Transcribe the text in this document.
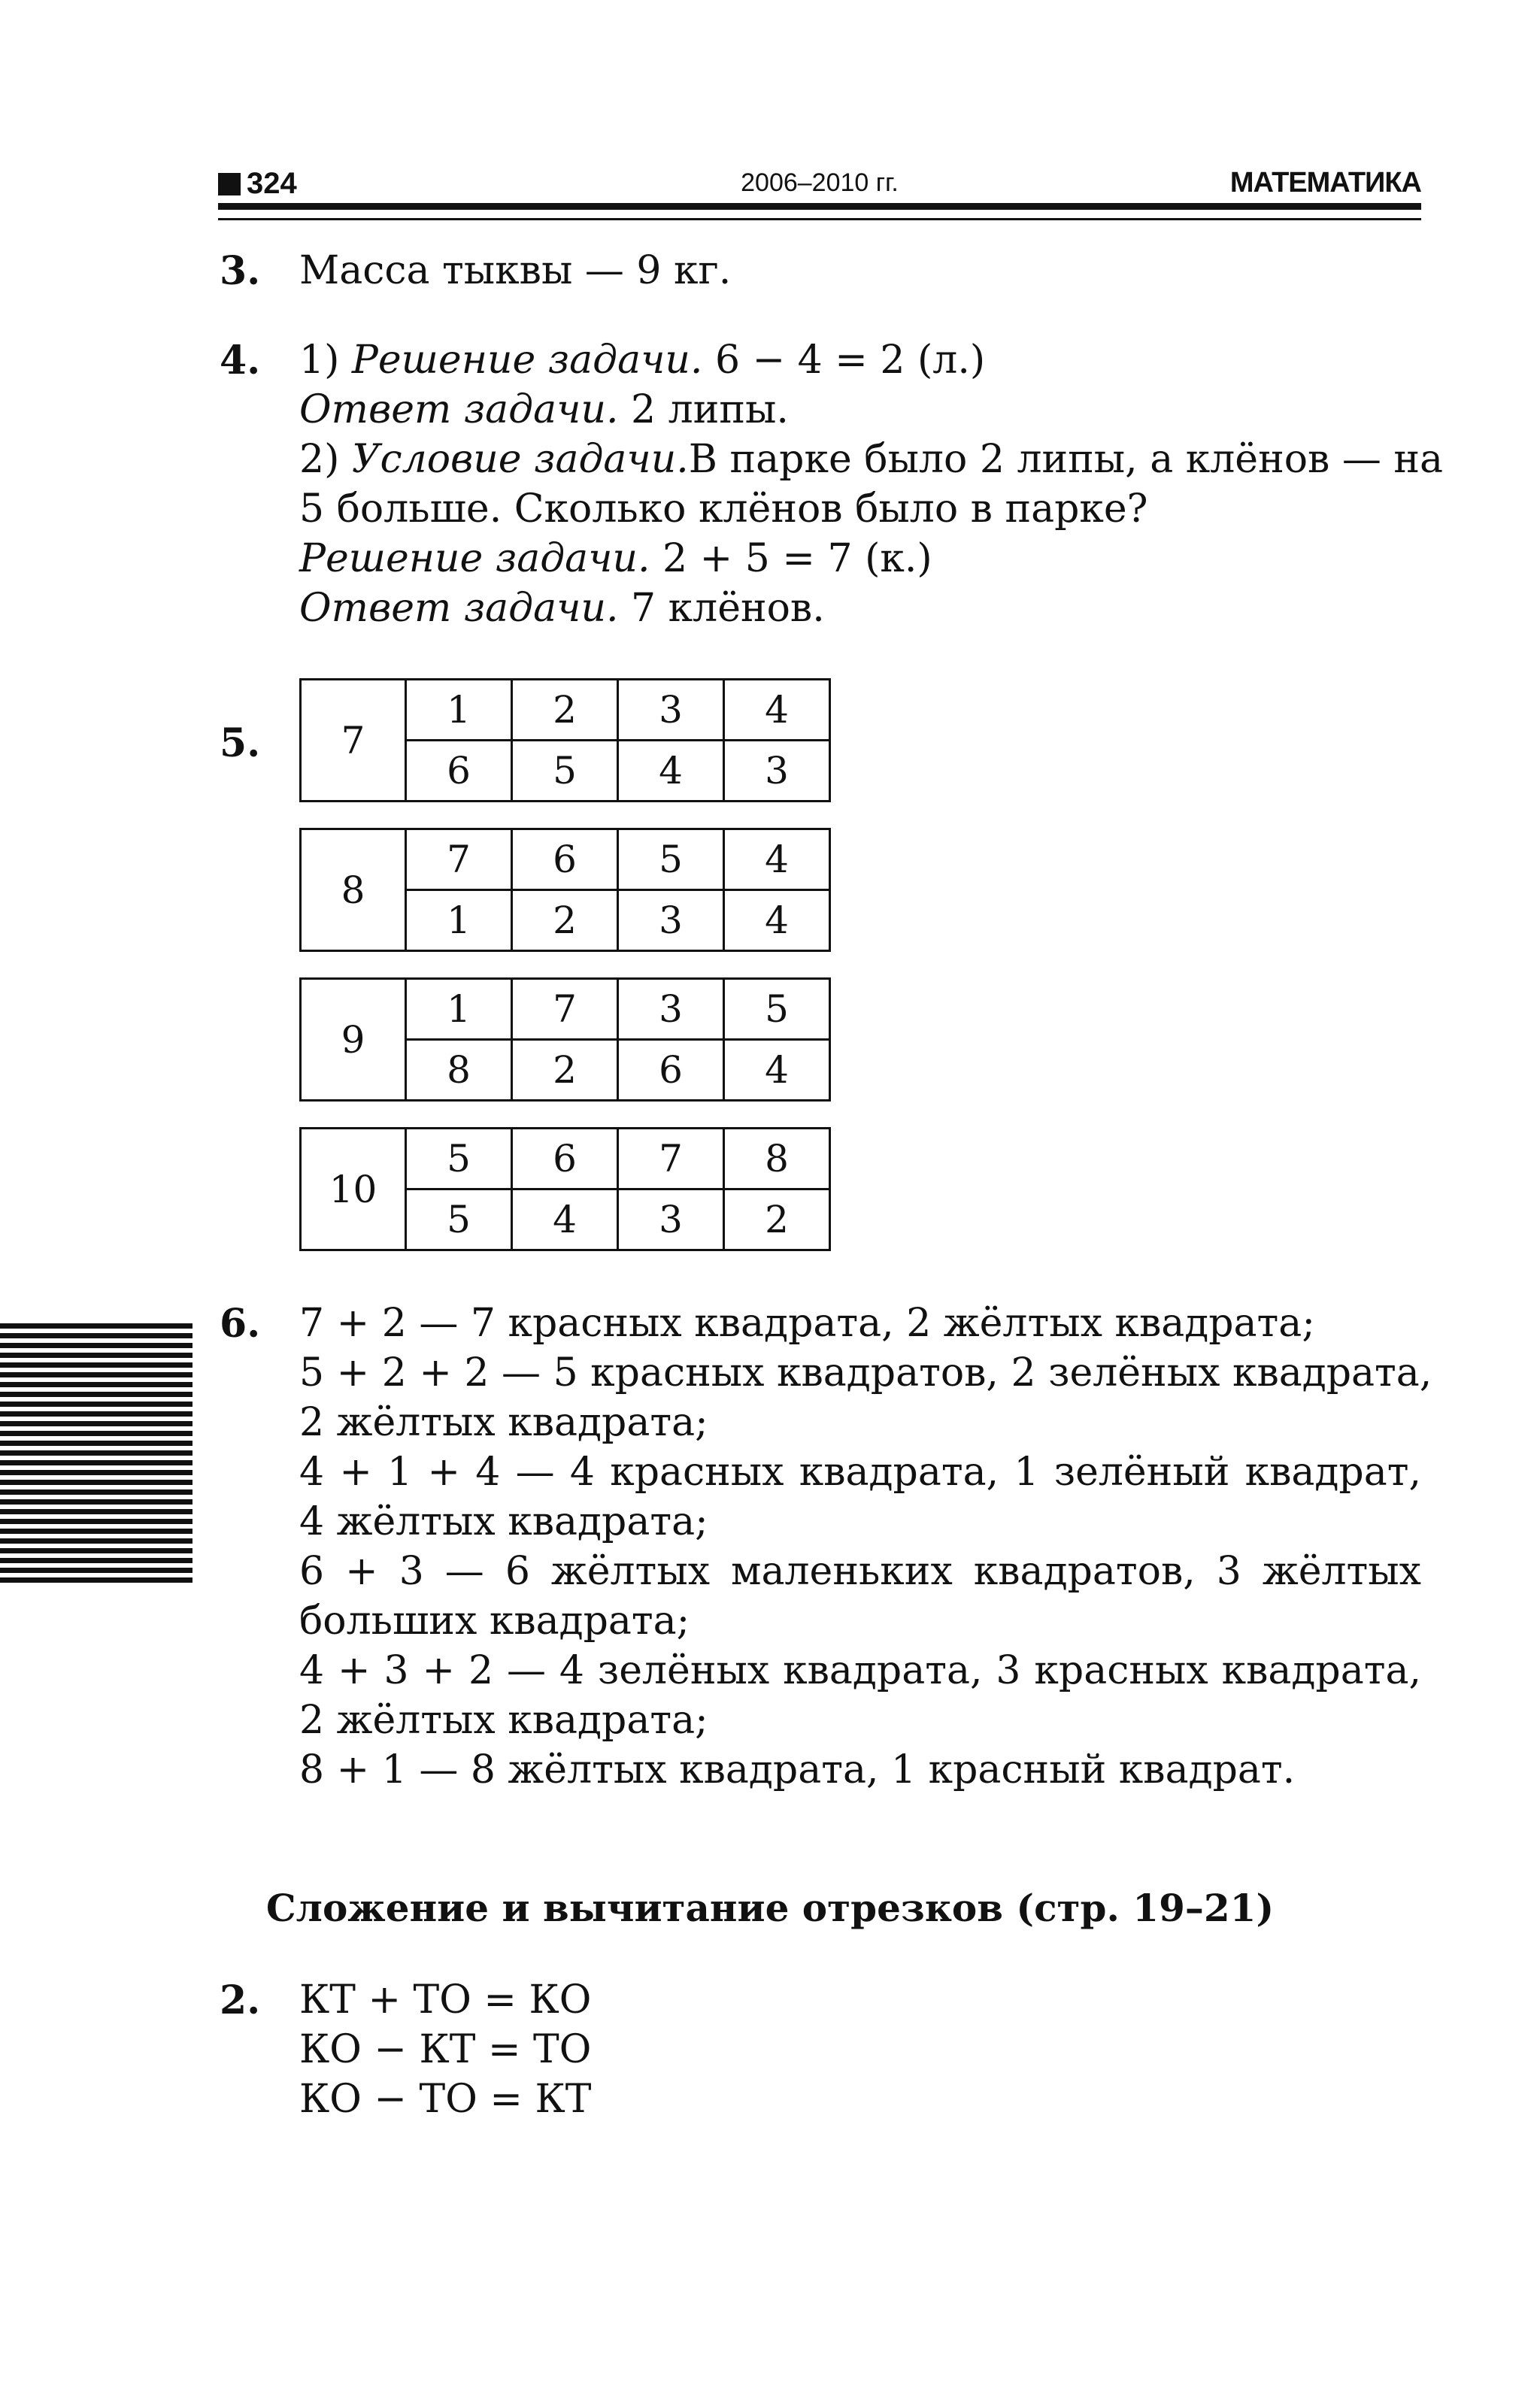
324	2006–2010 гг.	МАТЕМАТИКА
3. Масса тыквы — 9 кг.
4. 1) Решение задачи. 6 − 4 = 2 (л.)
Ответ задачи. 2 липы.
2) Условие задачи. В парке было 2 липы, а клёнов — на
5 больше. Сколько клёнов было в парке?
Решение задачи. 2 + 5 = 7 (к.)
Ответ задачи. 7 клёнов.
5. 7	1	2	3	4
	6	5	4	3
8	7	6	5	4
	1	2	3	4
9	1	7	3	5
	8	2	6	4
10	5	6	7	8
	5	4	3	2
6. 7 + 2 — 7 красных квадрата, 2 жёлтых квадрата;
5 + 2 + 2 — 5 красных квадратов, 2 зелёных квадрата,
2 жёлтых квадрата;
4 + 1 + 4 — 4 красных квадрата, 1 зелёный квадрат,
4 жёлтых квадрата;
6 + 3 — 6 жёлтых маленьких квадратов, 3 жёлтых
больших квадрата;
4 + 3 + 2 — 4 зелёных квадрата, 3 красных квадрата,
2 жёлтых квадрата;
8 + 1 — 8 жёлтых квадрата, 1 красный квадрат.
Сложение и вычитание отрезков (стр. 19–21)
2. КТ + ТО = КО
КО − КТ = ТО
КО − ТО = КТ
